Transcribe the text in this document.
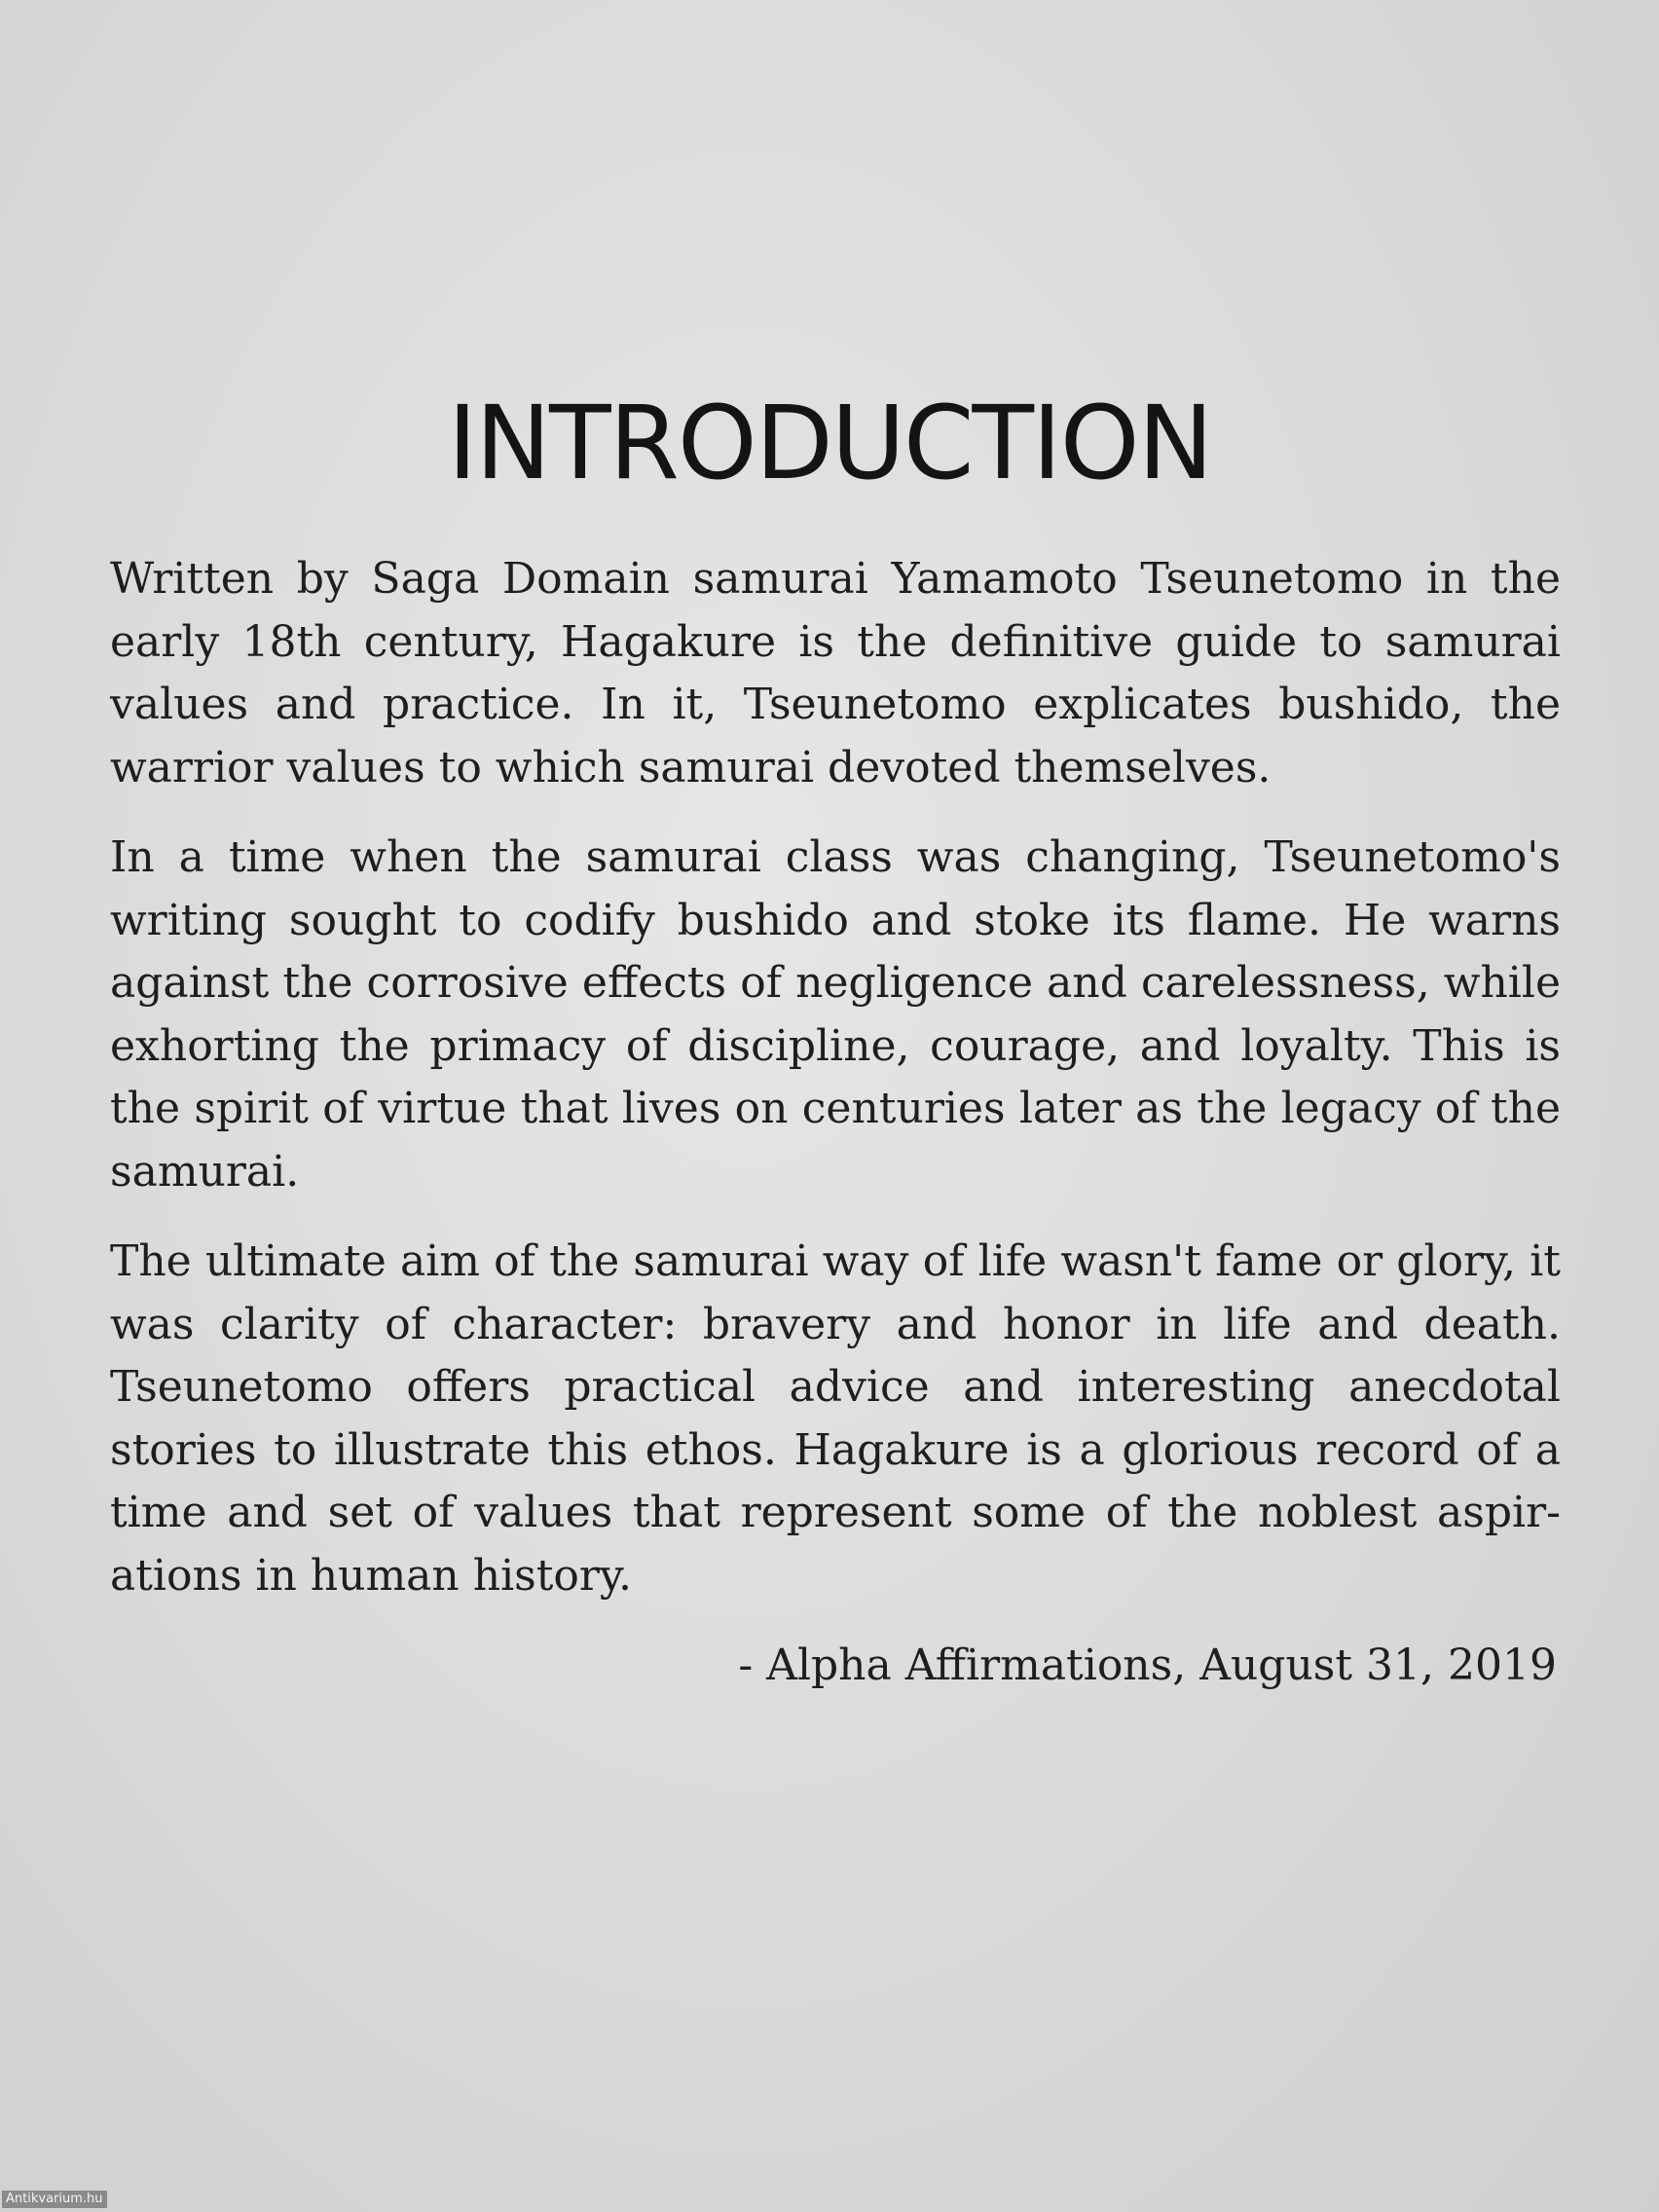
INTRODUCTION

Written by Saga Domain samurai Yamamoto Tseunetomo in the early 18th century, Hagakure is the definitive guide to samurai values and practice. In it, Tseunetomo explicates bushido, the warrior values to which samurai devoted themselves.

In a time when the samurai class was changing, Tseunetomo's writing sought to codify bushido and stoke its flame. He warns against the corrosive effects of negligence and carelessness, while exhorting the primacy of discipline, courage, and loyalty. This is the spirit of virtue that lives on centuries later as the legacy of the samurai.

The ultimate aim of the samurai way of life wasn't fame or glory, it was clarity of character: bravery and honor in life and death. Tseunetomo offers practical advice and interesting anecdotal stories to illustrate this ethos. Hagakure is a glorious record of a time and set of values that represent some of the noblest aspirations in human history.

- Alpha Affirmations, August 31, 2019

Antikvarium.hu
